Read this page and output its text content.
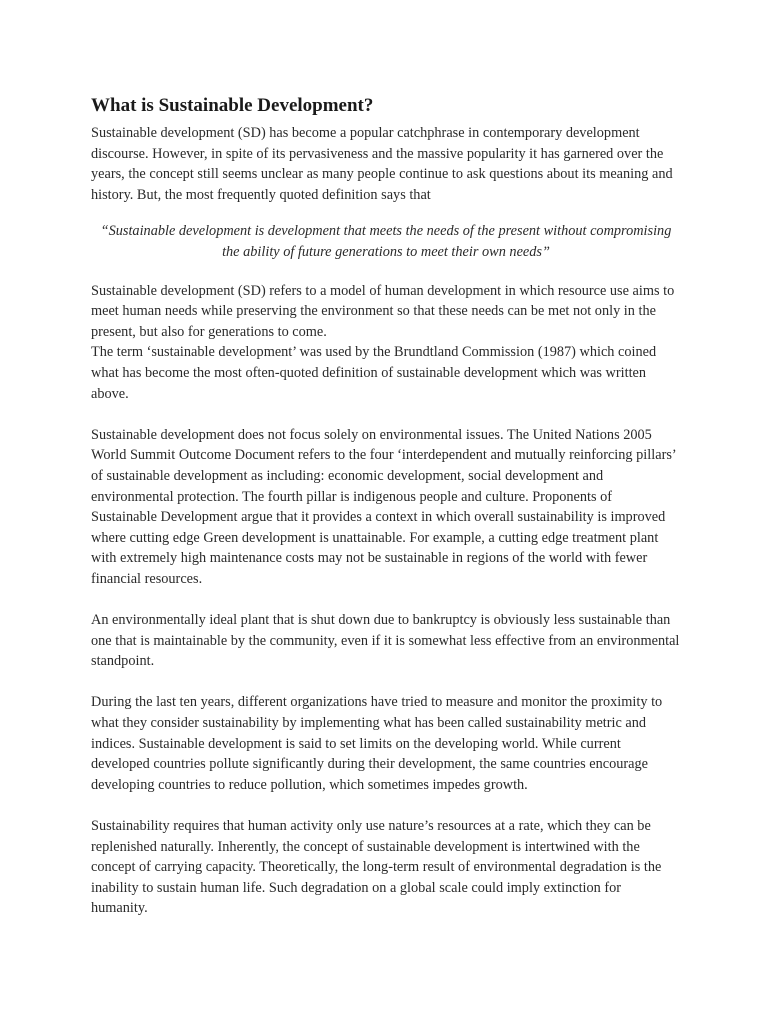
What is Sustainable Development?

Sustainable development (SD) has become a popular catchphrase in contemporary development discourse. However, in spite of its pervasiveness and the massive popularity it has garnered over the years, the concept still seems unclear as many people continue to ask questions about its meaning and history. But, the most frequently quoted definition says that

“Sustainable development is development that meets the needs of the present without compromising the ability of future generations to meet their own needs”

Sustainable development (SD) refers to a model of human development in which resource use aims to meet human needs while preserving the environment so that these needs can be met not only in the present, but also for generations to come.

The term ‘sustainable development’ was used by the Brundtland Commission (1987) which coined what has become the most often-quoted definition of sustainable development which was written above.

Sustainable development does not focus solely on environmental issues. The United Nations 2005 World Summit Outcome Document refers to the four ‘interdependent and mutually reinforcing pillars’ of sustainable development as including: economic development, social development and environmental protection. The fourth pillar is indigenous people and culture. Proponents of Sustainable Development argue that it provides a context in which overall sustainability is improved where cutting edge Green development is unattainable. For example, a cutting edge treatment plant with extremely high maintenance costs may not be sustainable in regions of the world with fewer financial resources.

An environmentally ideal plant that is shut down due to bankruptcy is obviously less sustainable than one that is maintainable by the community, even if it is somewhat less effective from an environmental standpoint.

During the last ten years, different organizations have tried to measure and monitor the proximity to what they consider sustainability by implementing what has been called sustainability metric and indices. Sustainable development is said to set limits on the developing world. While current developed countries pollute significantly during their development, the same countries encourage developing countries to reduce pollution, which sometimes impedes growth.

Sustainability requires that human activity only use nature’s resources at a rate, which they can be replenished naturally. Inherently, the concept of sustainable development is intertwined with the concept of carrying capacity. Theoretically, the long-term result of environmental degradation is the inability to sustain human life. Such degradation on a global scale could imply extinction for humanity.
